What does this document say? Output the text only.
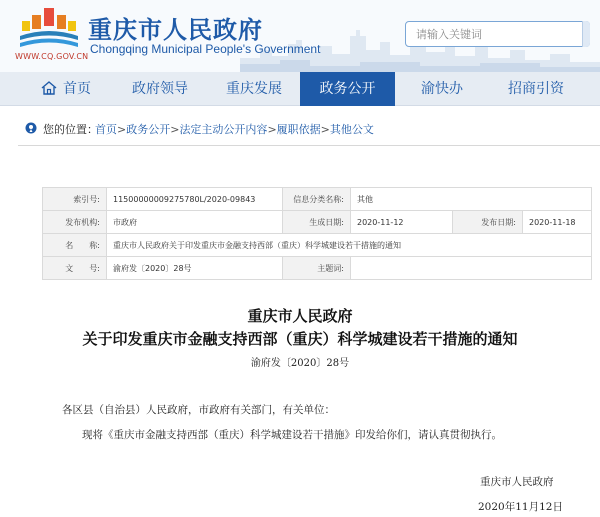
WWW.CQ.GOV.CN
重庆市人民政府
Chongqing Municipal People's Government
请输入关键词
首页	政府领导	重庆发展	政务公开	渝快办	招商引资
您的位置：
首页>政务公开>法定主动公开内容>履职依据>其他公文
索引号:	11500000009275780L/2020-09843	信息分类名称:	其他		
发布机构:	市政府	生成日期:	2020-11-12	发布日期:	2020-11-18
名　　称:	重庆市人民政府关于印发重庆市金融支持西部（重庆）科学城建设若干措施的通知				
文　　号:	渝府发〔2020〕28号	主题词:			
重庆市人民政府
关于印发重庆市金融支持西部（重庆）科学城建设若干措施的通知
渝府发〔2020〕28号
各区县（自治县）人民政府，市政府有关部门，有关单位：
现将《重庆市金融支持西部（重庆）科学城建设若干措施》印发给你们，请认真贯彻执行。
重庆市人民政府
2020年11月12日
